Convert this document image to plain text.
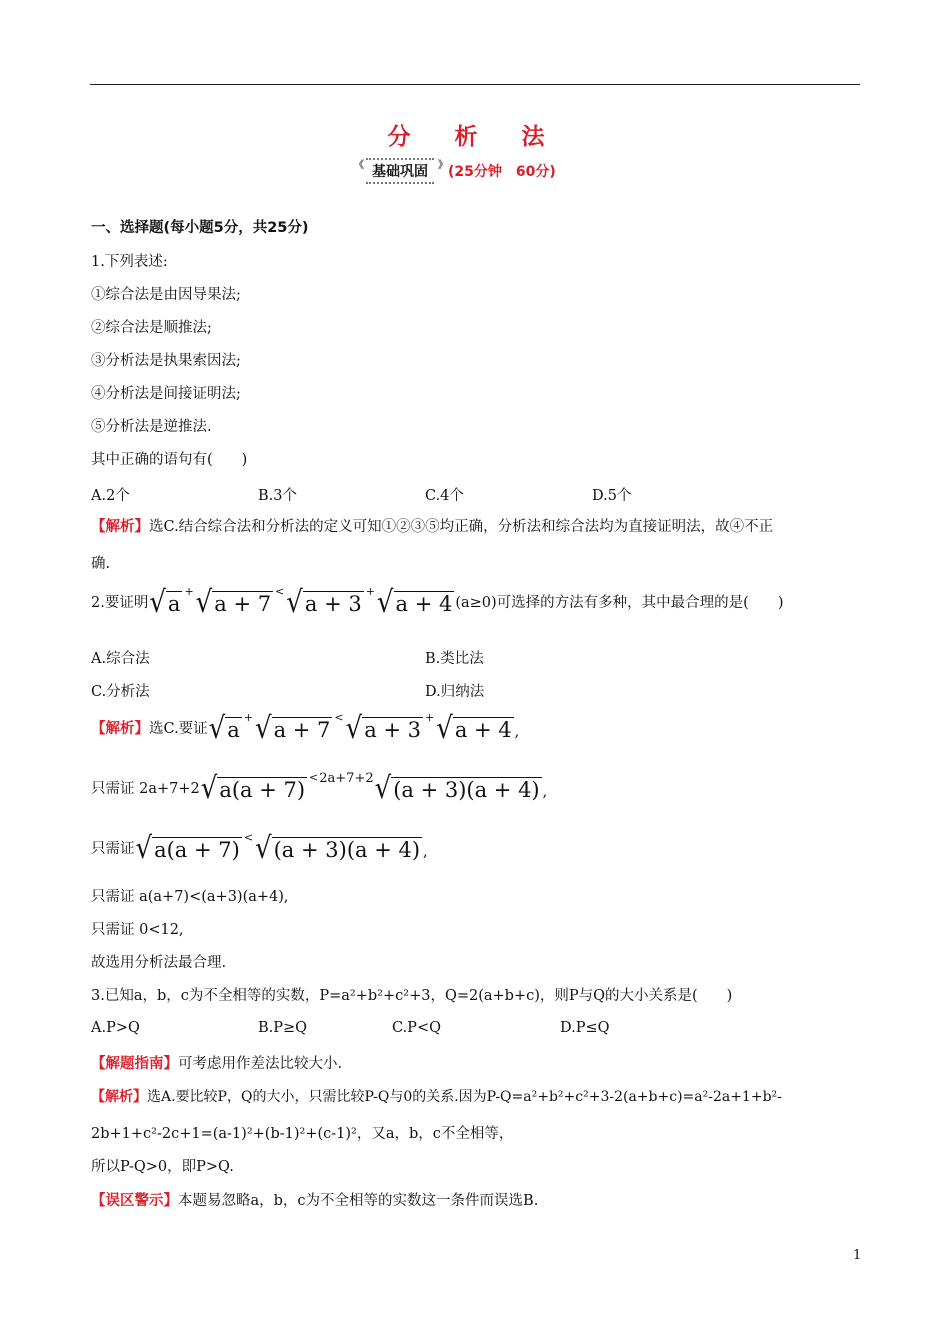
分 析 法
《 基础巩固 》	(25分钟　60分)
一、选择题(每小题5分，共25分)
1.下列表述:
①综合法是由因导果法;
②综合法是顺推法;
③分析法是执果索因法;
④分析法是间接证明法;
⑤分析法是逆推法.
其中正确的语句有(　　)
A.2个	B.3个	C.4个	D.5个
【解析】选C.结合综合法和分析法的定义可知①②③⑤均正确，分析法和综合法均为直接证明法，故④不正
确.
2.要证明 √ a
+ √ a + 7
< √ a + 3
+ √ a + 4 (a≥0)可选择的方法有多种，其中最合理的是(　　)
A.综合法	B.类比法
C.分析法	D.归纳法
【解析】 选C.要证 √ a
+ √ a + 7
< √ a + 3
+ √ a + 4 ,
只需证 2a+7+2 √ a(a + 7)
< 2a+7+2 √ (a + 3)(a + 4) ,
只需证 √ a(a + 7)
< √ (a + 3)(a + 4) ,
只需证 a(a+7)<(a+3)(a+4),
只需证 0<12,
故选用分析法最合理.
3.已知a，b，c为不全相等的实数，P=a²+b²+c²+3，Q=2(a+b+c)，则P与Q的大小关系是(　　)
A.P>Q	B.P≥Q	C.P<Q	D.P≤Q
【解题指南】可考虑用作差法比较大小.
【解析】选A.要比较P，Q的大小，只需比较P-Q与0的关系.因为P-Q=a²+b²+c²+3-2(a+b+c)=a²-2a+1+b²-
2b+1+c²-2c+1=(a-1)²+(b-1)²+(c-1)²，又a，b，c不全相等，
所以P-Q>0，即P>Q.
【误区警示】本题易忽略a，b，c为不全相等的实数这一条件而误选B.
1
